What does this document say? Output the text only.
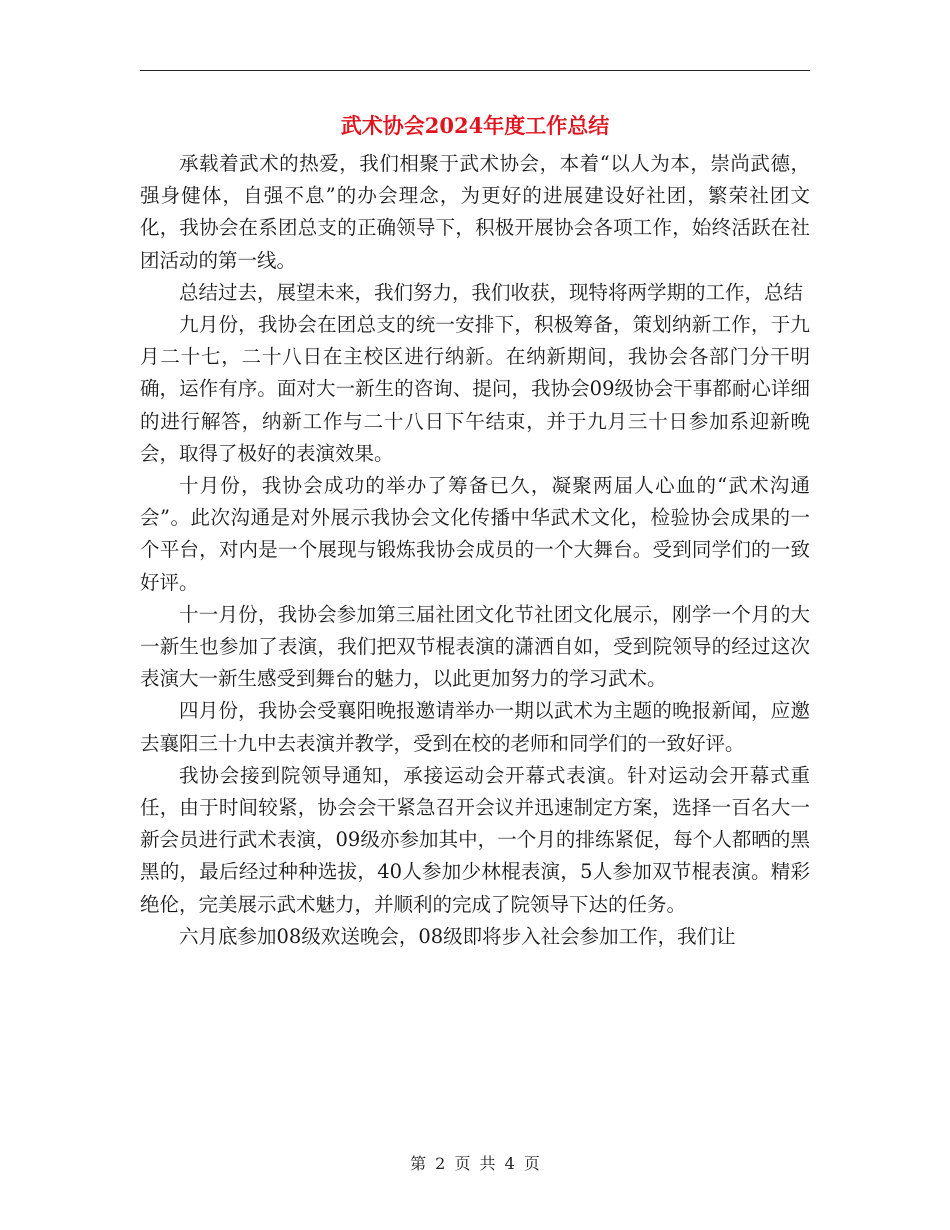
武术协会2024年度工作总结

承载着武术的热爱，我们相聚于武术协会，本着“以人为本，崇尚武德，强身健体，自强不息”的办会理念，为更好的进展建设好社团，繁荣社团文化，我协会在系团总支的正确领导下，积极开展协会各项工作，始终活跃在社团活动的第一线。

总结过去，展望未来，我们努力，我们收获，现特将两学期的工作，总结

九月份，我协会在团总支的统一安排下，积极筹备，策划纳新工作，于九月二十七，二十八日在主校区进行纳新。在纳新期间，我协会各部门分干明确，运作有序。面对大一新生的咨询、提问，我协会09级协会干事都耐心详细的进行解答，纳新工作与二十八日下午结束，并于九月三十日参加系迎新晚会，取得了极好的表演效果。

十月份，我协会成功的举办了筹备已久，凝聚两届人心血的“武术沟通会”。此次沟通是对外展示我协会文化传播中华武术文化，检验协会成果的一个平台，对内是一个展现与锻炼我协会成员的一个大舞台。受到同学们的一致好评。

十一月份，我协会参加第三届社团文化节社团文化展示，刚学一个月的大一新生也参加了表演，我们把双节棍表演的潇洒自如，受到院领导的经过这次表演大一新生感受到舞台的魅力，以此更加努力的学习武术。

四月份，我协会受襄阳晚报邀请举办一期以武术为主题的晚报新闻，应邀去襄阳三十九中去表演并教学，受到在校的老师和同学们的一致好评。

我协会接到院领导通知，承接运动会开幕式表演。针对运动会开幕式重任，由于时间较紧，协会会干紧急召开会议并迅速制定方案，选择一百名大一新会员进行武术表演，09级亦参加其中，一个月的排练紧促，每个人都晒的黑黑的，最后经过种种选拔，40人参加少林棍表演，5人参加双节棍表演。精彩绝伦，完美展示武术魅力，并顺利的完成了院领导下达的任务。

六月底参加08级欢送晚会，08级即将步入社会参加工作，我们让

第 2 页 共 4 页
